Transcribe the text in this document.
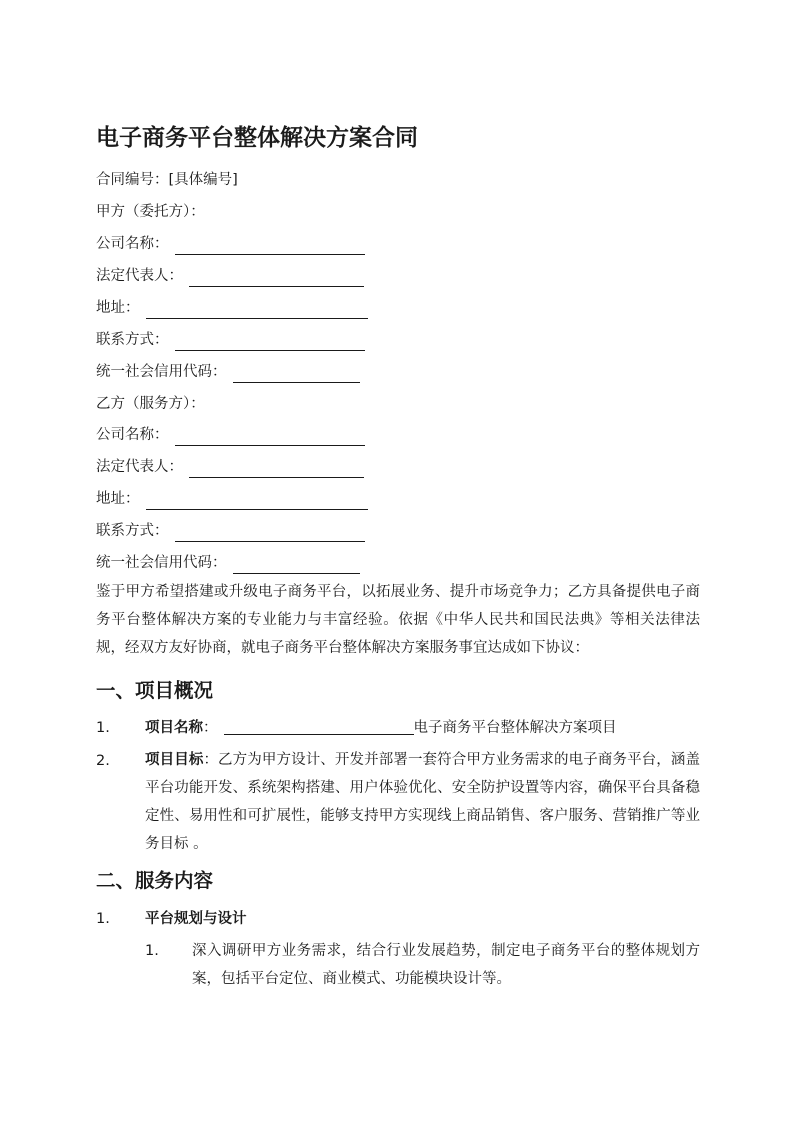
电子商务平台整体解决方案合同
合同编号：[具体编号]
甲方（委托方）：
公司名称：
法定代表人：
地址：
联系方式：
统一社会信用代码：
乙方（服务方）：
公司名称：
法定代表人：
地址：
联系方式：
统一社会信用代码：

鉴于甲方希望搭建或升级电子商务平台，以拓展业务、提升市场竞争力；乙方具备提供电子商务平台整体解决方案的专业能力与丰富经验。依据《中华人民共和国民法典》等相关法律法规，经双方友好协商，就电子商务平台整体解决方案服务事宜达成如下协议：

一、项目概况
1. 项目名称：	电子商务平台整体解决方案项目
2. 项目目标：乙方为甲方设计、开发并部署一套符合甲方业务需求的电子商务平台，涵盖平台功能开发、系统架构搭建、用户体验优化、安全防护设置等内容，确保平台具备稳定性、易用性和可扩展性，能够支持甲方实现线上商品销售、客户服务、营销推广等业务目标 。
二、服务内容
1. 平台规划与设计
1. 深入调研甲方业务需求，结合行业发展趋势，制定电子商务平台的整体规划方案，包括平台定位、商业模式、功能模块设计等。
